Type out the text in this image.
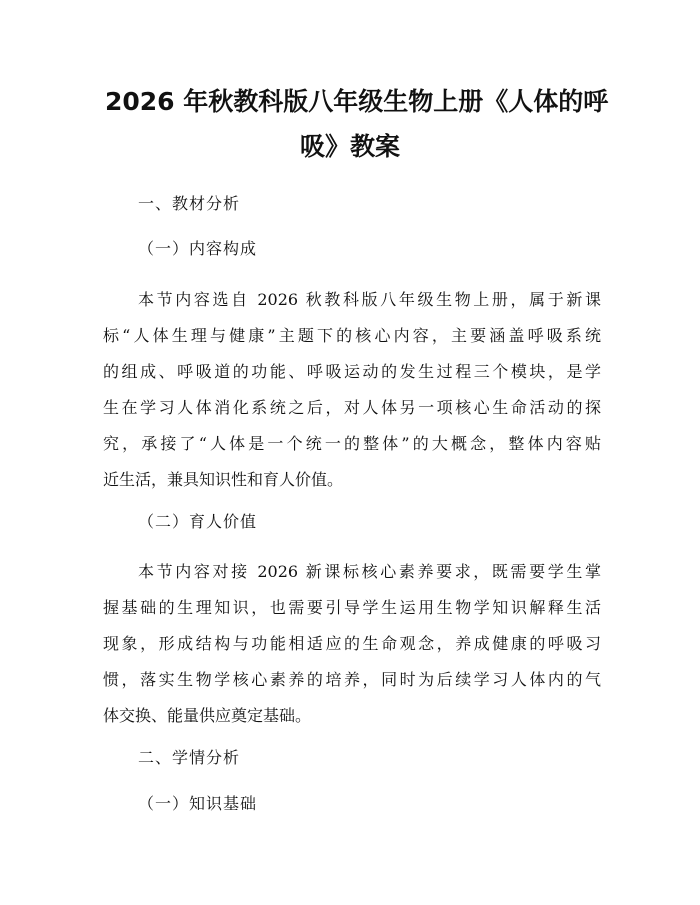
2026 年秋教科版八年级生物上册《人体的呼
吸》教案

一、教材分析

（一）内容构成

本节内容选自 2026 秋教科版八年级生物上册，属于新课
标“人体生理与健康”主题下的核心内容，主要涵盖呼吸系统
的组成、呼吸道的功能、呼吸运动的发生过程三个模块，是学
生在学习人体消化系统之后，对人体另一项核心生命活动的探
究，承接了“人体是一个统一的整体”的大概念，整体内容贴
近生活，兼具知识性和育人价值。

（二）育人价值

本节内容对接 2026 新课标核心素养要求，既需要学生掌
握基础的生理知识，也需要引导学生运用生物学知识解释生活
现象，形成结构与功能相适应的生命观念，养成健康的呼吸习
惯，落实生物学核心素养的培养，同时为后续学习人体内的气
体交换、能量供应奠定基础。

二、学情分析

（一）知识基础
